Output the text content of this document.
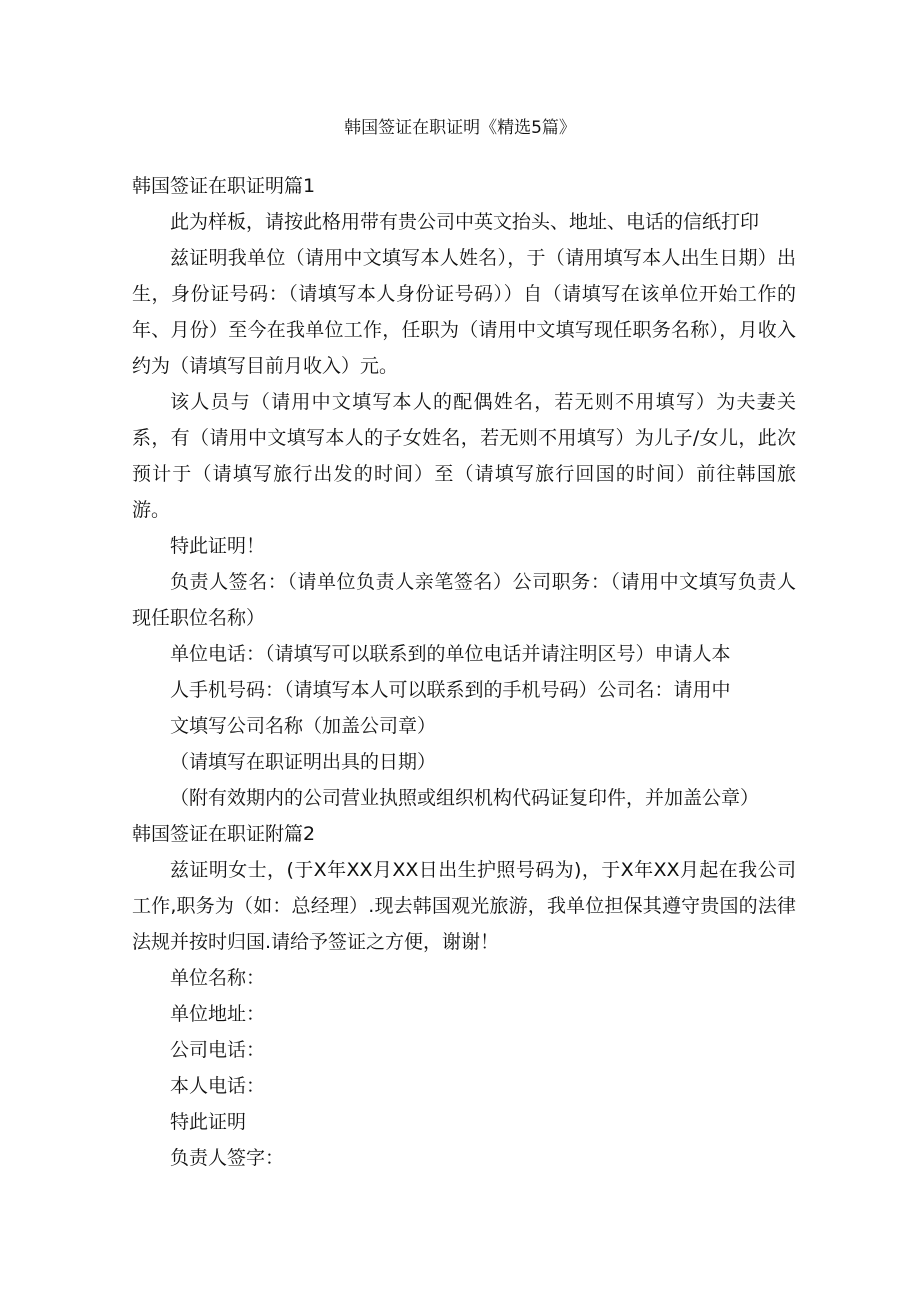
韩国签证在职证明《精选5篇》

韩国签证在职证明篇1

此为样板，请按此格用带有贵公司中英文抬头、地址、电话的信纸打印

兹证明我单位（请用中文填写本人姓名），于（请用填写本人出生日期）出生，身份证号码：（请填写本人身份证号码））自（请填写在该单位开始工作的年、月份）至今在我单位工作，任职为（请用中文填写现任职务名称），月收入约为（请填写目前月收入）元。

该人员与（请用中文填写本人的配偶姓名，若无则不用填写）为夫妻关系，有（请用中文填写本人的子女姓名，若无则不用填写）为儿子/女儿，此次预计于（请填写旅行出发的时间）至（请填写旅行回国的时间）前往韩国旅游。

特此证明！

负责人签名：（请单位负责人亲笔签名）公司职务：（请用中文填写负责人现任职位名称）

单位电话：（请填写可以联系到的单位电话并请注明区号）申请人本

人手机号码：（请填写本人可以联系到的手机号码）公司名：请用中

文填写公司名称（加盖公司章）

（请填写在职证明出具的日期）

（附有效期内的公司营业执照或组织机构代码证复印件，并加盖公章）

韩国签证在职证附篇2

兹证明女士，(于X年XX月XX日出生护照号码为)，于X年XX月起在我公司工作,职务为（如：总经理）.现去韩国观光旅游，我单位担保其遵守贵国的法律法规并按时归国.请给予签证之方便，谢谢！

单位名称：

单位地址：

公司电话：

本人电话：

特此证明

负责人签字：
